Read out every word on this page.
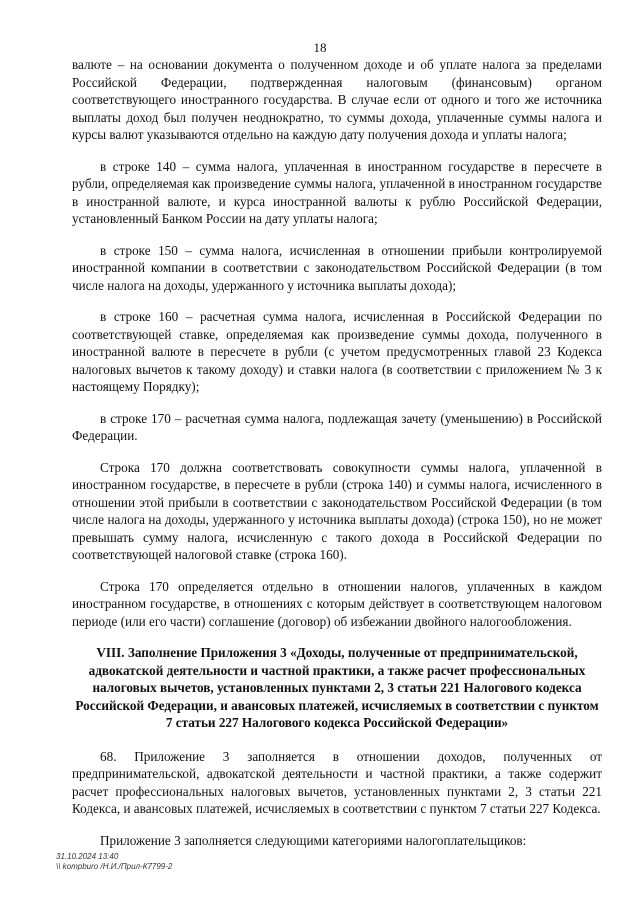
18

валюте – на основании документа о полученном доходе и об уплате налога за пределами Российской Федерации, подтвержденная налоговым (финансовым) органом соответствующего иностранного государства. В случае если от одного и того же источника выплаты доход был получен неоднократно, то суммы дохода, уплаченные суммы налога и курсы валют указываются отдельно на каждую дату получения дохода и уплаты налога;

в строке 140 – сумма налога, уплаченная в иностранном государстве в пересчете в рубли, определяемая как произведение суммы налога, уплаченной в иностранном государстве в иностранной валюте, и курса иностранной валюты к рублю Российской Федерации, установленный Банком России на дату уплаты налога;

в строке 150 – сумма налога, исчисленная в отношении прибыли контролируемой иностранной компании в соответствии с законодательством Российской Федерации (в том числе налога на доходы, удержанного у источника выплаты дохода);

в строке 160 – расчетная сумма налога, исчисленная в Российской Федерации по соответствующей ставке, определяемая как произведение суммы дохода, полученного в иностранной валюте в пересчете в рубли (с учетом предусмотренных главой 23 Кодекса налоговых вычетов к такому доходу) и ставки налога (в соответствии с приложением № 3 к настоящему Порядку);

в строке 170 – расчетная сумма налога, подлежащая зачету (уменьшению) в Российской Федерации.

Строка 170 должна соответствовать совокупности суммы налога, уплаченной в иностранном государстве, в пересчете в рубли (строка 140) и суммы налога, исчисленного в отношении этой прибыли в соответствии с законодательством Российской Федерации (в том числе налога на доходы, удержанного у источника выплаты дохода) (строка 150), но не может превышать сумму налога, исчисленную с такого дохода в Российской Федерации по соответствующей налоговой ставке (строка 160).

Строка 170 определяется отдельно в отношении налогов, уплаченных в каждом иностранном государстве, в отношениях с которым действует в соответствующем налоговом периоде (или его части) соглашение (договор) об избежании двойного налогообложения.

VIII. Заполнение Приложения 3 «Доходы, полученные от предпринимательской, адвокатской деятельности и частной практики, а также расчет профессиональных налоговых вычетов, установленных пунктами 2, 3 статьи 221 Налогового кодекса Российской Федерации, и авансовых платежей, исчисляемых в соответствии с пунктом 7 статьи 227 Налогового кодекса Российской Федерации»

68. Приложение 3 заполняется в отношении доходов, полученных от предпринимательской, адвокатской деятельности и частной практики, а также содержит расчет профессиональных налоговых вычетов, установленных пунктами 2, 3 статьи 221 Кодекса, и авансовых платежей, исчисляемых в соответствии с пунктом 7 статьи 227 Кодекса.

Приложение 3 заполняется следующими категориями налогоплательщиков:

31.10.2024 13:40
\\ kompburo /Н.И./Прил-К7799-2
